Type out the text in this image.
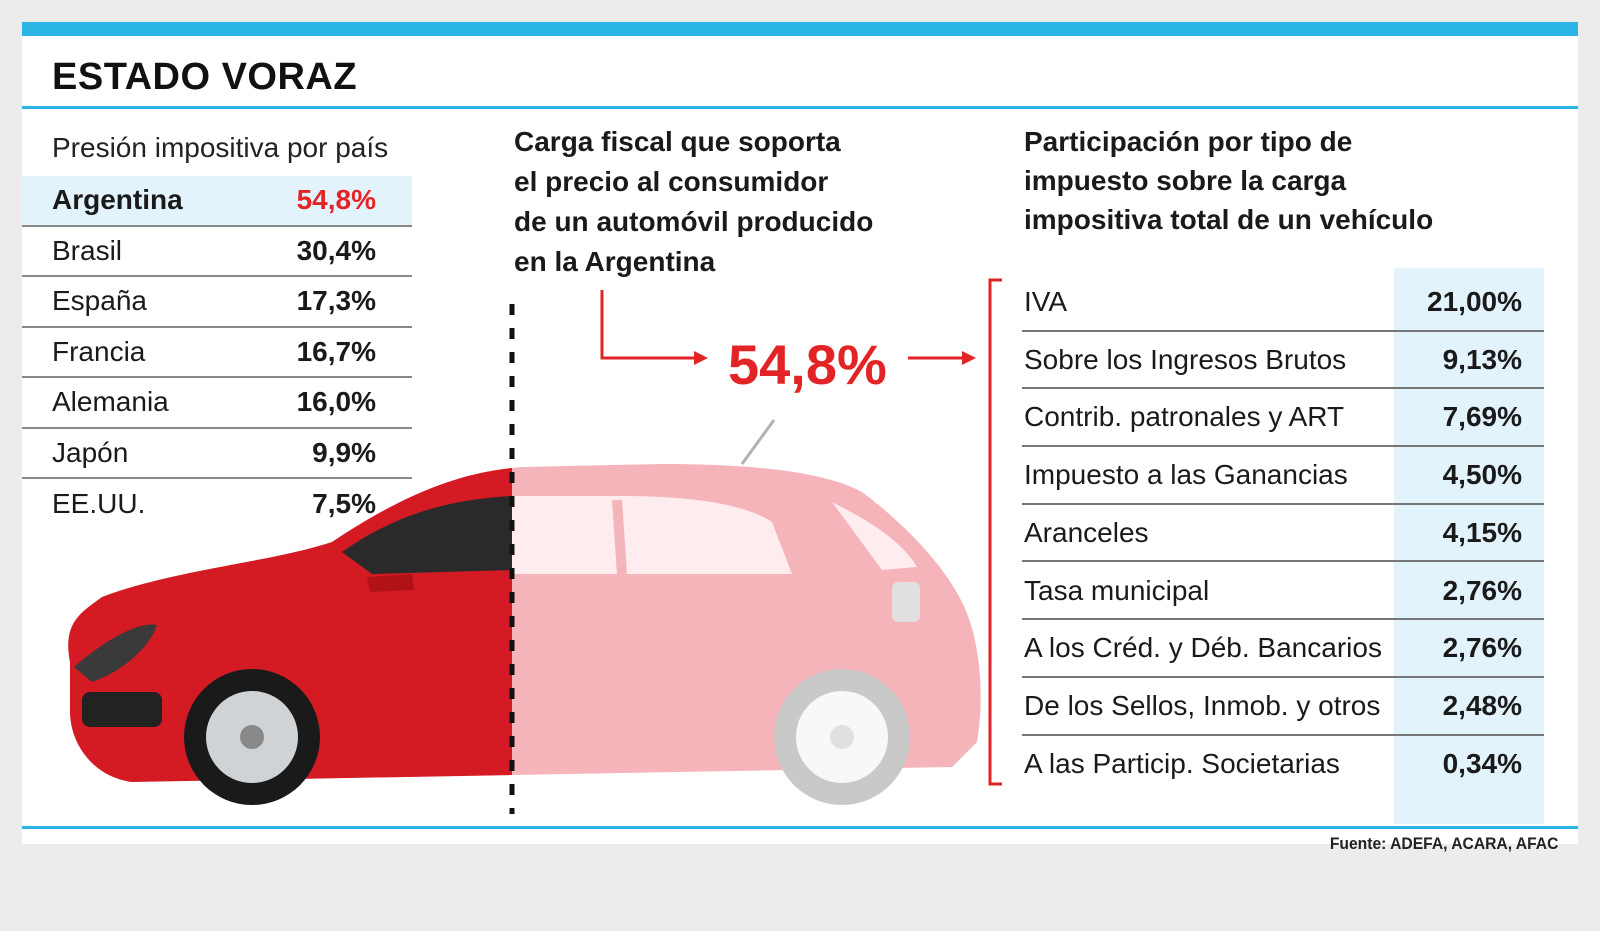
ESTADO VORAZ
Presión impositiva por país
Argentina	54,8%
Brasil	30,4%
España	17,3%
Francia	16,7%
Alemania	16,0%
Japón	9,9%
EE.UU.	7,5%
Carga fiscal que soporta
el precio al consumidor
de un automóvil producido
en la Argentina
54,8%
Participación por tipo de
impuesto sobre la carga
impositiva total de un vehículo
IVA	21,00%
Sobre los Ingresos Brutos	9,13%
Contrib. patronales y ART	7,69%
Impuesto a las Ganancias	4,50%
Aranceles	4,15%
Tasa municipal	2,76%
A los Créd. y Déb. Bancarios 2,76%
De los Sellos, Inmob. y otros 2,48%
A las Particip. Societarias	0,34%
Fuente: ADEFA, ACARA, AFAC
